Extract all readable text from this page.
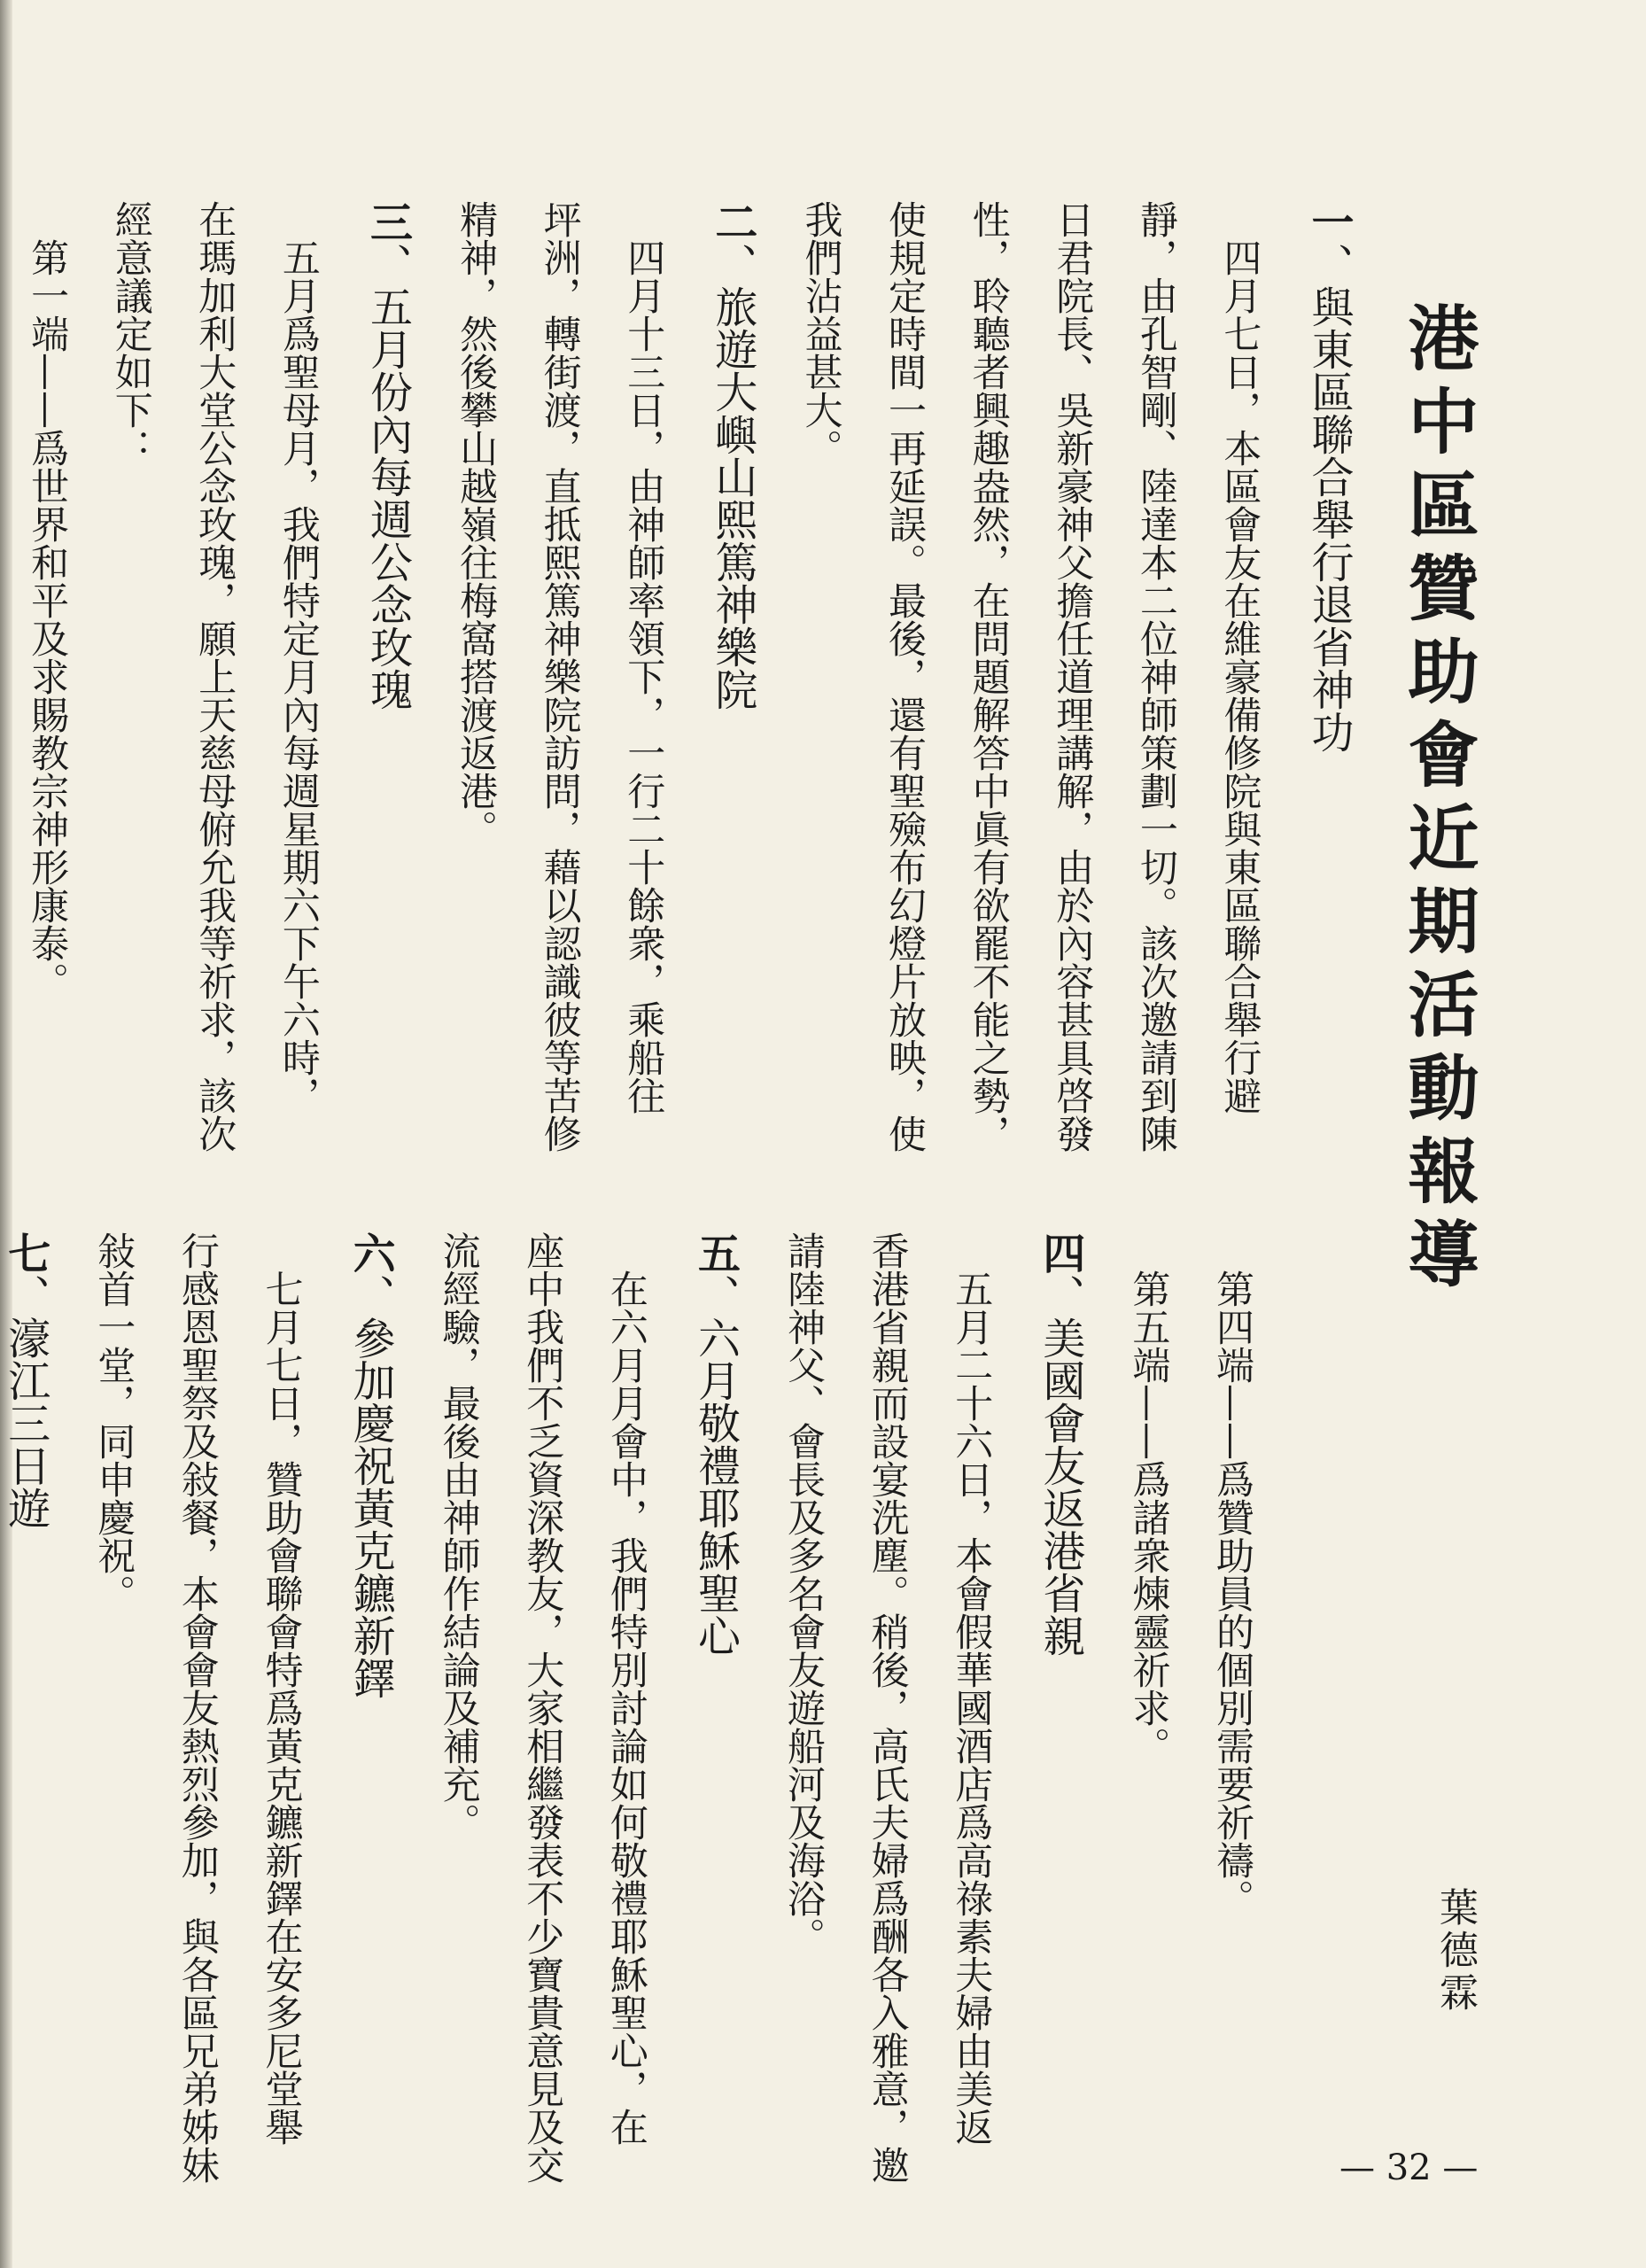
港中區贊助會近期活動報導
葉德霖
— 32 —
一、與東區聯合舉行退省神功
　四月七日，本區會友在維豪備修院與東區聯合舉行避
靜，由孔智剛、陸達本二位神師策劃一切。該次邀請到陳
日君院長、吳新豪神父擔任道理講解，由於內容甚具啓發
性，聆聽者興趣盎然，在問題解答中眞有欲罷不能之勢，
使規定時間一再延誤。最後，還有聖殮布幻燈片放映，使
我們沾益甚大。
二、旅遊大嶼山熙篤神樂院
　四月十三日，由神師率領下，一行二十餘衆，乘船往
坪洲，轉街渡，直抵熙篤神樂院訪問，藉以認識彼等苦修
精神，然後攀山越嶺往梅窩搭渡返港。
三、五月份內每週公念玫瑰
　五月爲聖母月，我們特定月內每週星期六下午六時，
在瑪加利大堂公念玫瑰，願上天慈母俯允我等祈求，該次
經意議定如下：
　第一端——爲世界和平及求賜教宗神形康泰。
　第四端——爲贊助員的個別需要祈禱。
　第五端——爲諸衆煉靈祈求。
四、美國會友返港省親
　五月二十六日，本會假華國酒店爲高祿素夫婦由美返
香港省親而設宴洗塵。稍後，高氏夫婦爲酬各入雅意，邀
請陸神父、會長及多名會友遊船河及海浴。
五、六月敬禮耶穌聖心
　在六月月會中，我們特別討論如何敬禮耶穌聖心，在
座中我們不乏資深教友，大家相繼發表不少寶貴意見及交
流經驗，最後由神師作結論及補充。
六、參加慶祝黃克鑣新鐸
　七月七日，贊助會聯會特爲黃克鑣新鐸在安多尼堂舉
行感恩聖祭及敍餐，本會會友熱烈參加，與各區兄弟姊妹
敍首一堂，同申慶祝。
七、濠江三日遊
